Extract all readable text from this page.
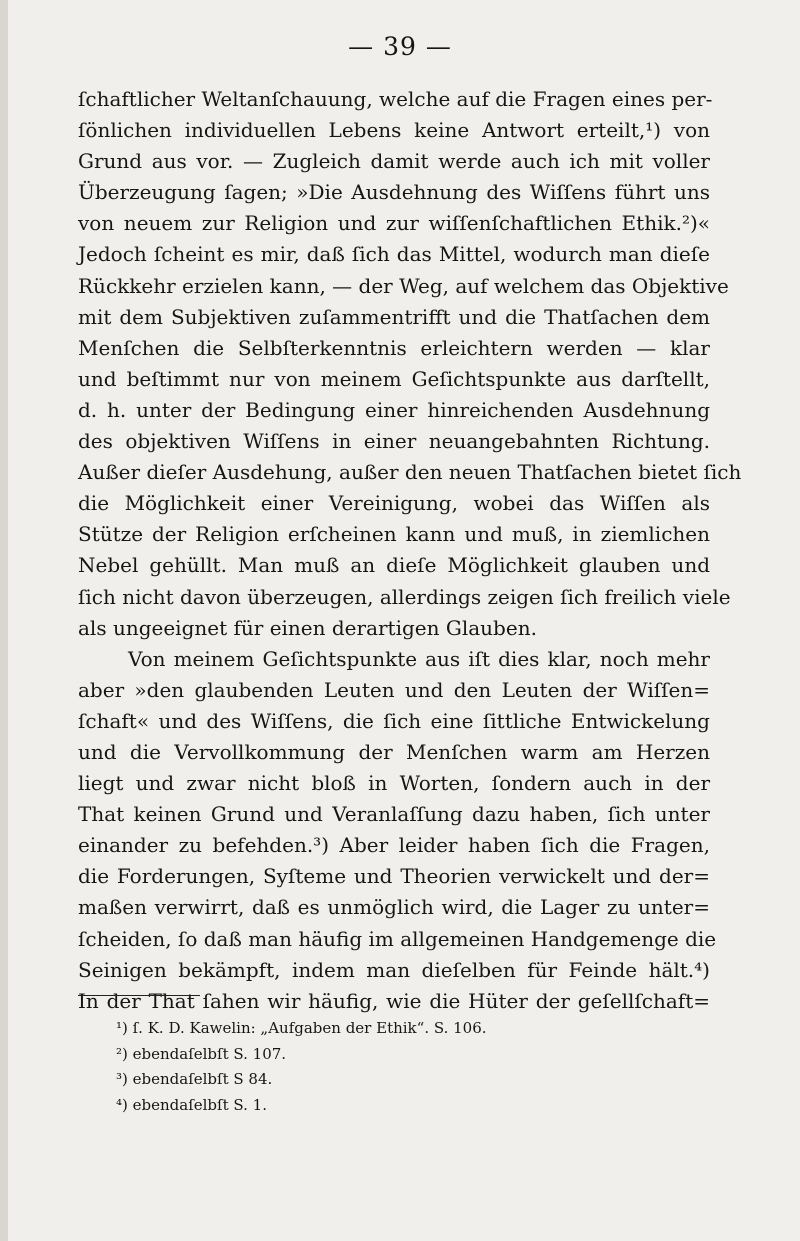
— 39 —
ſchaftlicher Weltanſchauung, welche auf die Fragen eines per-
ſönlichen individuellen Lebens keine Antwort erteilt,¹) von
Grund aus vor. — Zugleich damit werde auch ich mit voller
Überzeugung ſagen; »Die Ausdehnung des Wiſſens führt uns
von neuem zur Religion und zur wiſſenſchaftlichen Ethik.²)«
Jedoch ſcheint es mir, daß ſich das Mittel, wodurch man dieſe
Rückkehr erzielen kann, — der Weg, auf welchem das Objektive
mit dem Subjektiven zuſammentrifft und die Thatſachen dem
Menſchen die Selbſterkenntnis erleichtern werden — klar
und beſtimmt nur von meinem Geſichtspunkte aus darſtellt,
d. h. unter der Bedingung einer hinreichenden Ausdehnung
des objektiven Wiſſens in einer neuangebahnten Richtung.
Außer dieſer Ausdehung, außer den neuen Thatſachen bietet ſich
die Möglichkeit einer Vereinigung, wobei das Wiſſen als
Stütze der Religion erſcheinen kann und muß, in ziemlichen
Nebel gehüllt. Man muß an dieſe Möglichkeit glauben und
ſich nicht davon überzeugen, allerdings zeigen ſich freilich viele
als ungeeignet für einen derartigen Glauben.
Von meinem Geſichtspunkte aus iſt dies klar, noch mehr
aber »den glaubenden Leuten und den Leuten der Wiſſen=
ſchaft« und des Wiſſens, die ſich eine ſittliche Entwickelung
und die Vervollkommung der Menſchen warm am Herzen
liegt und zwar nicht bloß in Worten, ſondern auch in der
That keinen Grund und Veranlaſſung dazu haben, ſich unter
einander zu befehden.³) Aber leider haben ſich die Fragen,
die Forderungen, Syſteme und Theorien verwickelt und der=
maßen verwirrt, daß es unmöglich wird, die Lager zu unter=
ſcheiden, ſo daß man häufig im allgemeinen Handgemenge die
Seinigen bekämpft, indem man dieſelben für Feinde hält.⁴)
In der That ſahen wir häufig, wie die Hüter der geſellſchaft=
¹) ſ. K. D. Kawelin: „Aufgaben der Ethik“. S. 106.
²) ebendaſelbſt S. 107.
³) ebendaſelbſt S 84.
⁴) ebendaſelbſt S. 1.
